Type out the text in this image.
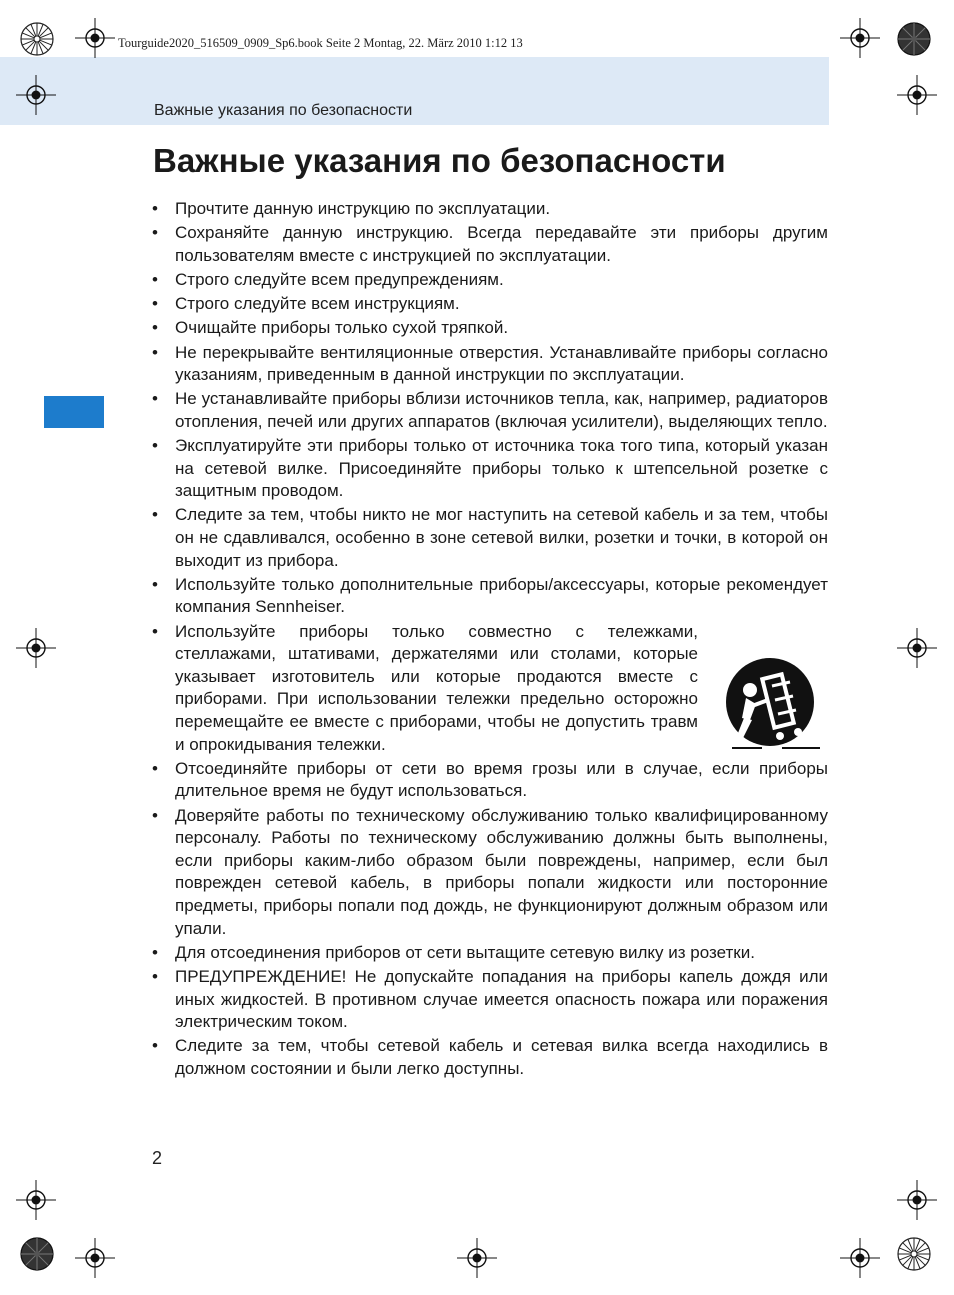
Tourguide2020_516509_0909_Sp6.book Seite 2 Montag, 22. März 2010 1:12 13
Важные указания по безопасности
Важные указания по безопасности
• Прочтите данную инструкцию по эксплуатации.
• Сохраняйте данную инструкцию. Всегда передавайте эти приборы другим пользователям вместе с инструкцией по эксплуатации.
• Строго следуйте всем предупреждениям.
• Строго следуйте всем инструкциям.
• Очищайте приборы только сухой тряпкой.
• Не перекрывайте вентиляционные отверстия. Устанавливайте приборы согласно указаниям, приведенным в данной инструкции по эксплуатации.
• Не устанавливайте приборы вблизи источников тепла, как, например, радиаторов отопления, печей или других аппаратов (включая усилители), выделяющих тепло.
• Эксплуатируйте эти приборы только от источника тока того типа, который указан на сетевой вилке. Присоединяйте приборы только к штепсельной розетке с защитным проводом.
• Следите за тем, чтобы никто не мог наступить на сетевой кабель и за тем, чтобы он не сдавливался, особенно в зоне сетевой вилки, розетки и точки, в которой он выходит из прибора.
• Используйте только дополнительные приборы/аксессуары, которые рекомендует компания Sennheiser.
• Используйте приборы только совместно с тележками, стеллажами, штативами, держателями или столами, которые указывает изготовитель или которые продаются вместе с приборами. При использовании тележки предельно осторожно перемещайте ее вместе с приборами, чтобы не допустить травм и опрокидывания тележки.
• Отсоединяйте приборы от сети во время грозы или в случае, если приборы длительное время не будут использоваться.
• Доверяйте работы по техническому обслуживанию только квалифицированному персоналу. Работы по техническому обслуживанию должны быть выполнены, если приборы каким-либо образом были повреждены, например, если был поврежден сетевой кабель, в приборы попали жидкости или посторонние предметы, приборы попали под дождь, не функционируют должным образом или упали.
• Для отсоединения приборов от сети вытащите сетевую вилку из розетки.
• ПРЕДУПРЕЖДЕНИЕ! Не допускайте попадания на приборы капель дождя или иных жидкостей. В противном случае имеется опасность пожара или поражения электрическим током.
• Следите за тем, чтобы сетевой кабель и сетевая вилка всегда находились в должном состоянии и были легко доступны.
2
